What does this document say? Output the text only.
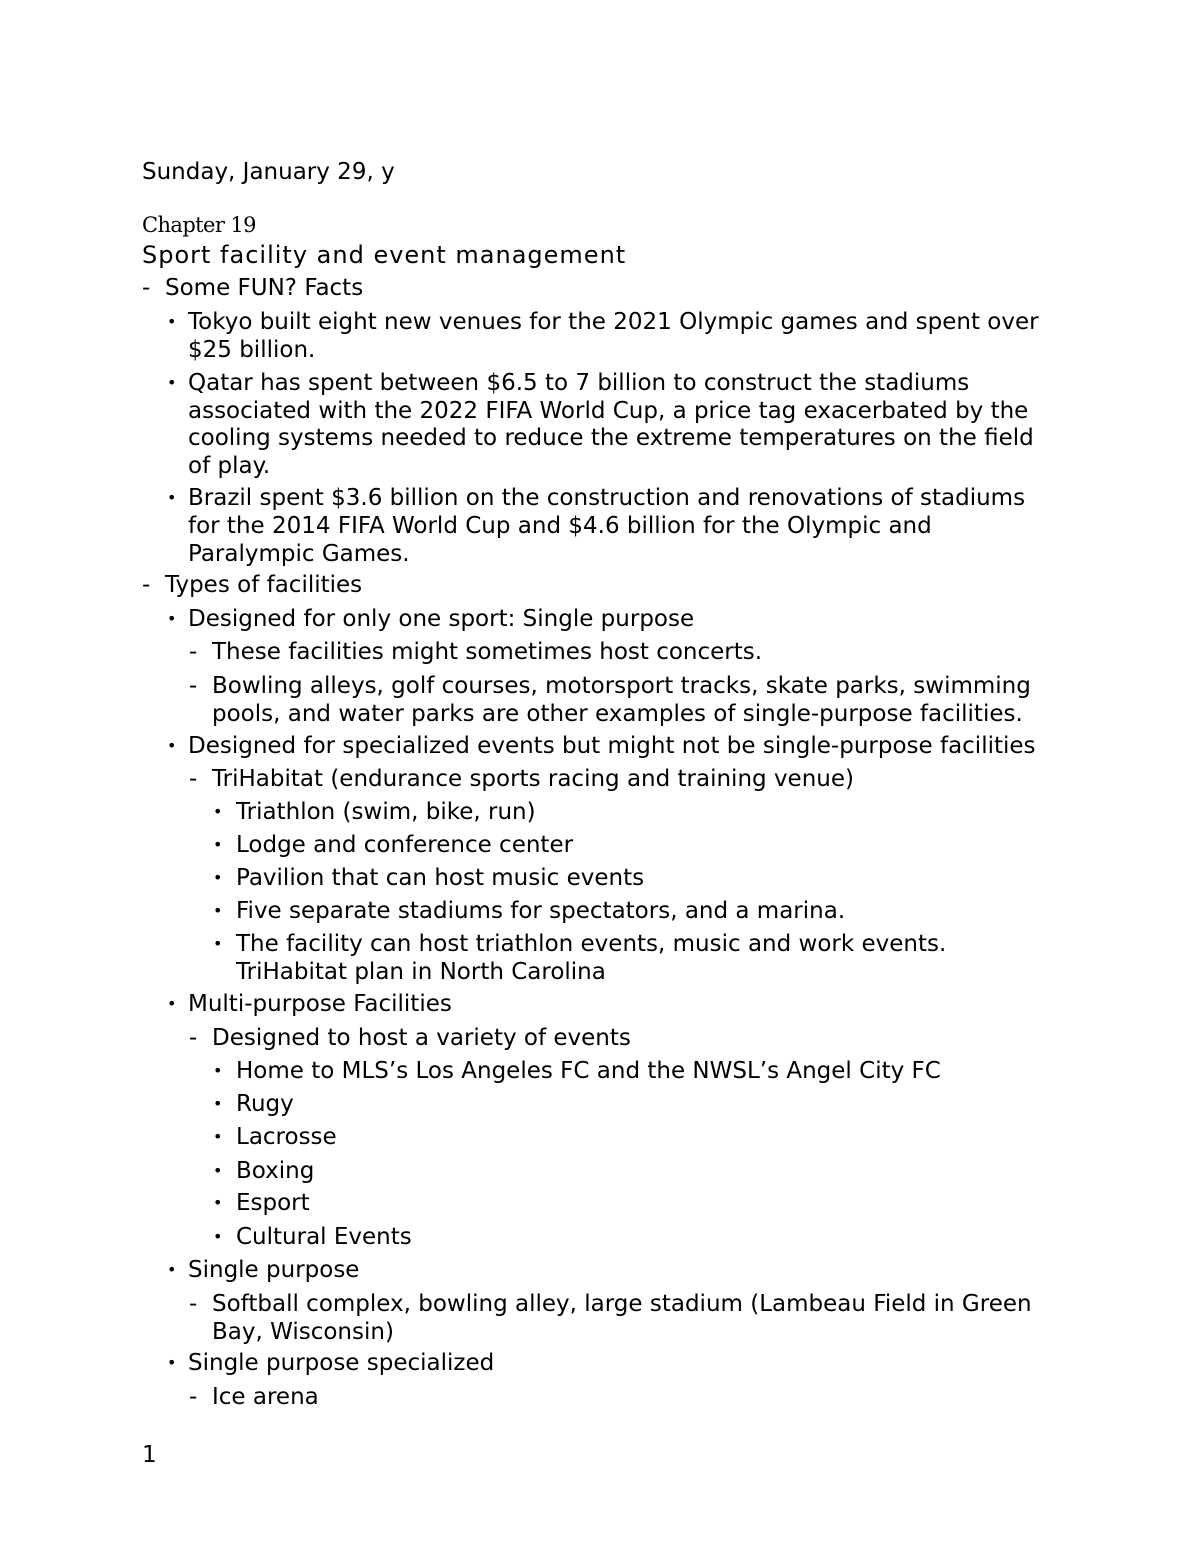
Sunday, January 29, y
Chapter 19
Sport facility and event management
- Some FUN? Facts
• Tokyo built eight new venues for the 2021 Olympic games and spent over
$25 billion.
• Qatar has spent between $6.5 to 7 billion to construct the stadiums
associated with the 2022 FIFA World Cup, a price tag exacerbated by the
cooling systems needed to reduce the extreme temperatures on the field
of play.
• Brazil spent $3.6 billion on the construction and renovations of stadiums
for the 2014 FIFA World Cup and $4.6 billion for the Olympic and
Paralympic Games.
- Types of facilities
• Designed for only one sport: Single purpose
- These facilities might sometimes host concerts.
- Bowling alleys, golf courses, motorsport tracks, skate parks, swimming
pools, and water parks are other examples of single-purpose facilities.
• Designed for specialized events but might not be single-purpose facilities
- TriHabitat (endurance sports racing and training venue)
• Triathlon (swim, bike, run)
• Lodge and conference center
• Pavilion that can host music events
• Five separate stadiums for spectators, and a marina.
• The facility can host triathlon events, music and work events.
TriHabitat plan in North Carolina
• Multi-purpose Facilities
- Designed to host a variety of events
• Home to MLS’s Los Angeles FC and the NWSL’s Angel City FC
• Rugy
• Lacrosse
• Boxing
• Esport
• Cultural Events
• Single purpose
- Softball complex, bowling alley, large stadium (Lambeau Field in Green
Bay, Wisconsin)
• Single purpose specialized
- Ice arena
1
